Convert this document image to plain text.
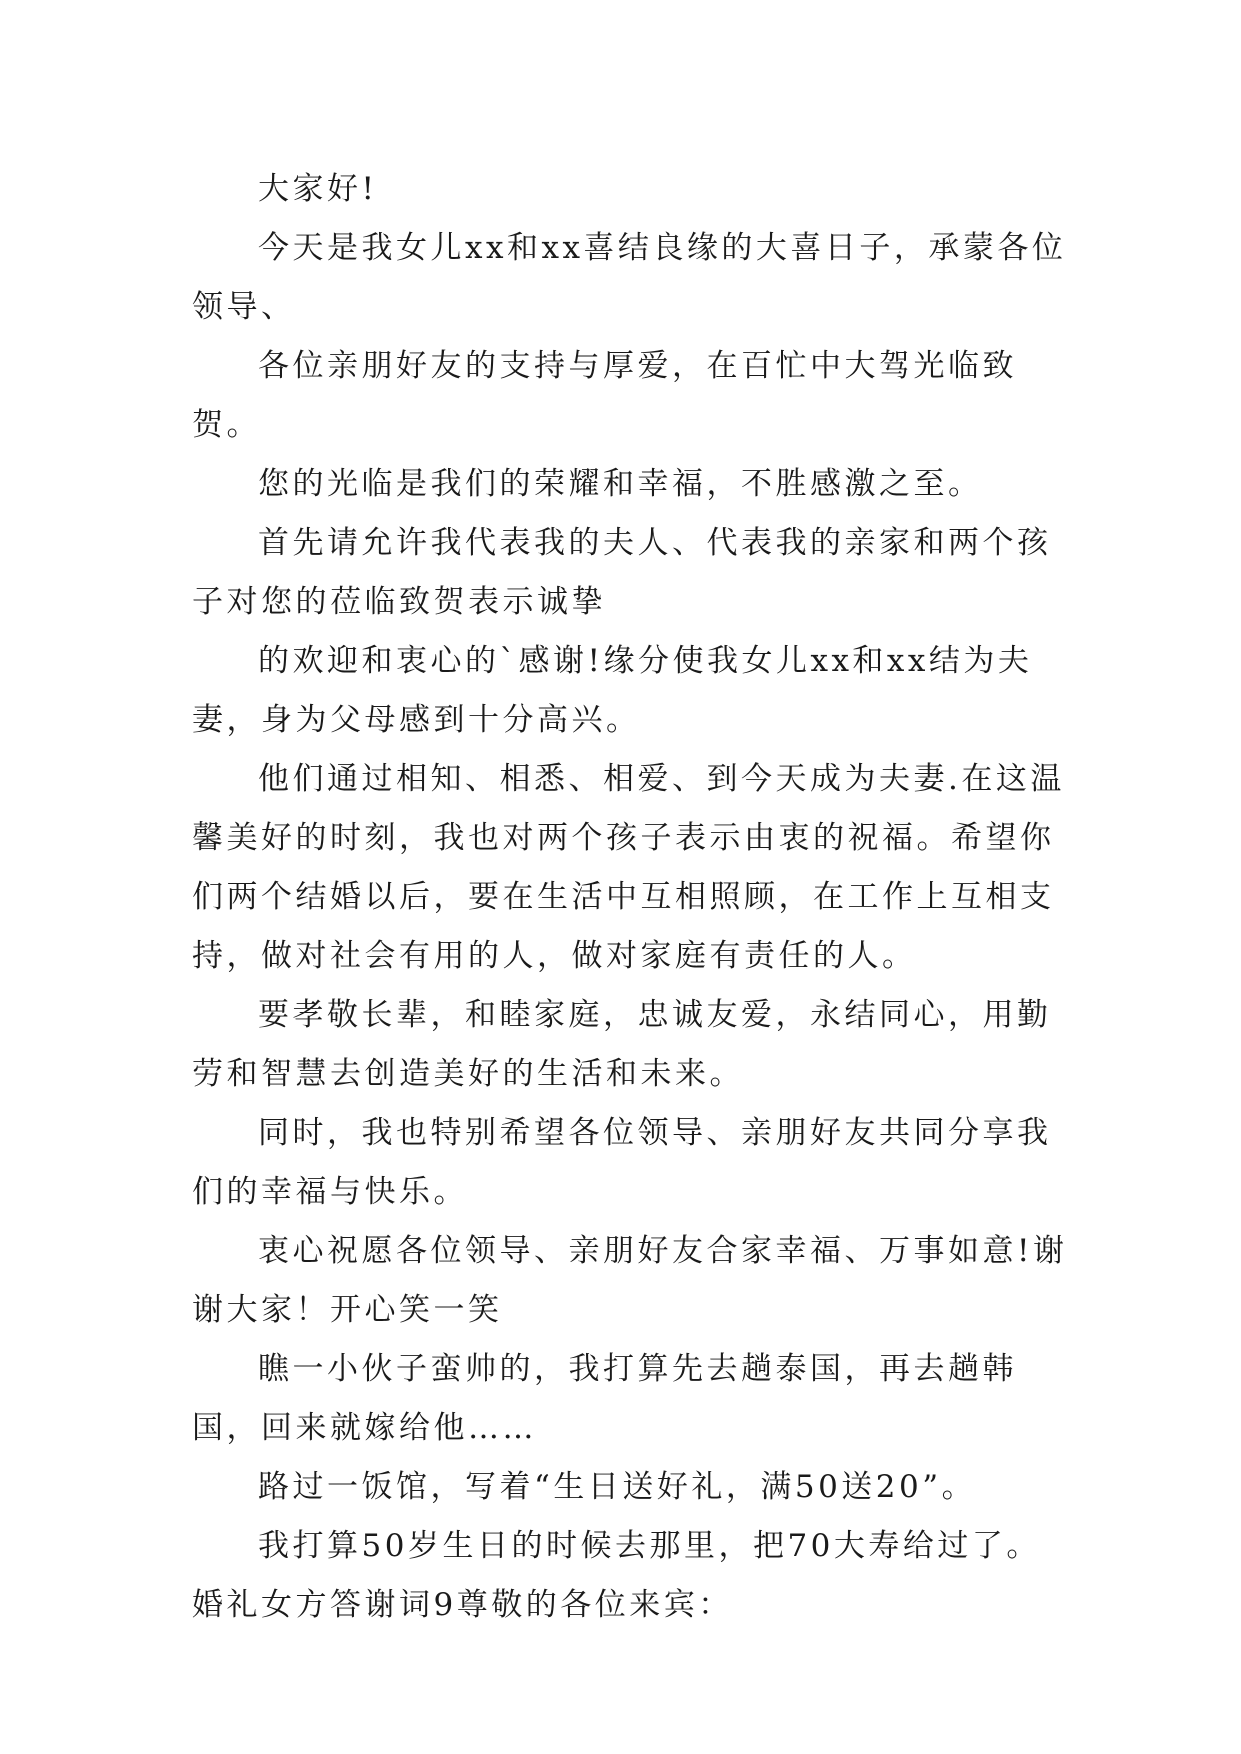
大家好!

今天是我女儿xx和xx喜结良缘的大喜日子，承蒙各位领导、

各位亲朋好友的支持与厚爱，在百忙中大驾光临致贺。

您的光临是我们的荣耀和幸福，不胜感激之至。

首先请允许我代表我的夫人、代表我的亲家和两个孩子对您的莅临致贺表示诚挚

的欢迎和衷心的`感谢!缘分使我女儿xx和xx结为夫妻，身为父母感到十分高兴。

他们通过相知、相悉、相爱、到今天成为夫妻.在这温馨美好的时刻，我也对两个孩子表示由衷的祝福。希望你们两个结婚以后，要在生活中互相照顾，在工作上互相支持，做对社会有用的人，做对家庭有责任的人。

要孝敬长辈，和睦家庭，忠诚友爱，永结同心，用勤劳和智慧去创造美好的生活和未来。

同时，我也特别希望各位领导、亲朋好友共同分享我们的幸福与快乐。

衷心祝愿各位领导、亲朋好友合家幸福、万事如意!谢谢大家！开心笑一笑

瞧一小伙子蛮帅的，我打算先去趟泰国，再去趟韩国，回来就嫁给他……

路过一饭馆，写着“生日送好礼，满50送20”。

我打算50岁生日的时候去那里，把70大寿给过了。

婚礼女方答谢词9尊敬的各位来宾：
